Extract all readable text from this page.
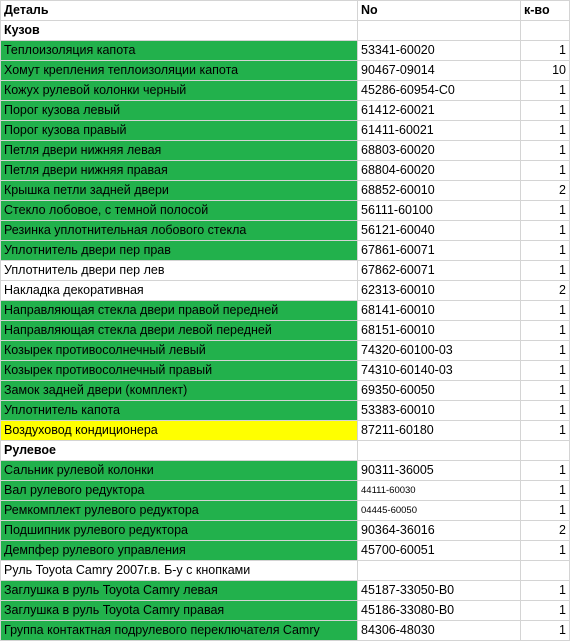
Деталь	No	к-во
Кузов		
Теплоизоляция капота	53341-60020	1
Хомут крепления теплоизоляции капота	90467-09014	10
Кожух рулевой колонки черный	45286-60954-C0	1
Порог кузова левый	61412-60021	1
Порог кузова правый	61411-60021	1
Петля двери нижняя левая	68803-60020	1
Петля двери нижняя правая	68804-60020	1
Крышка петли задней двери	68852-60010	2
Стекло лобовое, с темной полосой	56111-60100	1
Резинка уплотнительная лобового стекла	56121-60040	1
Уплотнитель двери пер прав	67861-60071	1
Уплотнитель двери пер лев	67862-60071	1
Накладка декоративная	62313-60010	2
Направляющая стекла двери правой передней	68141-60010	1
Направляющая стекла двери левой передней	68151-60010	1
Козырек противосолнечный левый	74320-60100-03	1
Козырек противосолнечный правый	74310-60140-03	1
Замок задней двери (комплект)	69350-60050	1
Уплотнитель капота	53383-60010	1
Воздуховод кондиционера	87211-60180	1
Рулевое		
Сальник рулевой колонки	90311-36005	1
Вал рулевого редуктора	44111-60030	1
Ремкомплект рулевого редуктора	04445-60050	1
Подшипник рулевого редуктора	90364-36016	2
Демпфер рулевого управления	45700-60051	1
Руль Toyota Camry 2007г.в. Б-у с кнопками		
Заглушка в руль Toyota Camry левая	45187-33050-B0	1
Заглушка в руль Toyota Camry правая	45186-33080-B0	1
Группа контактная подрулевого переключателя Camry	84306-48030	1
